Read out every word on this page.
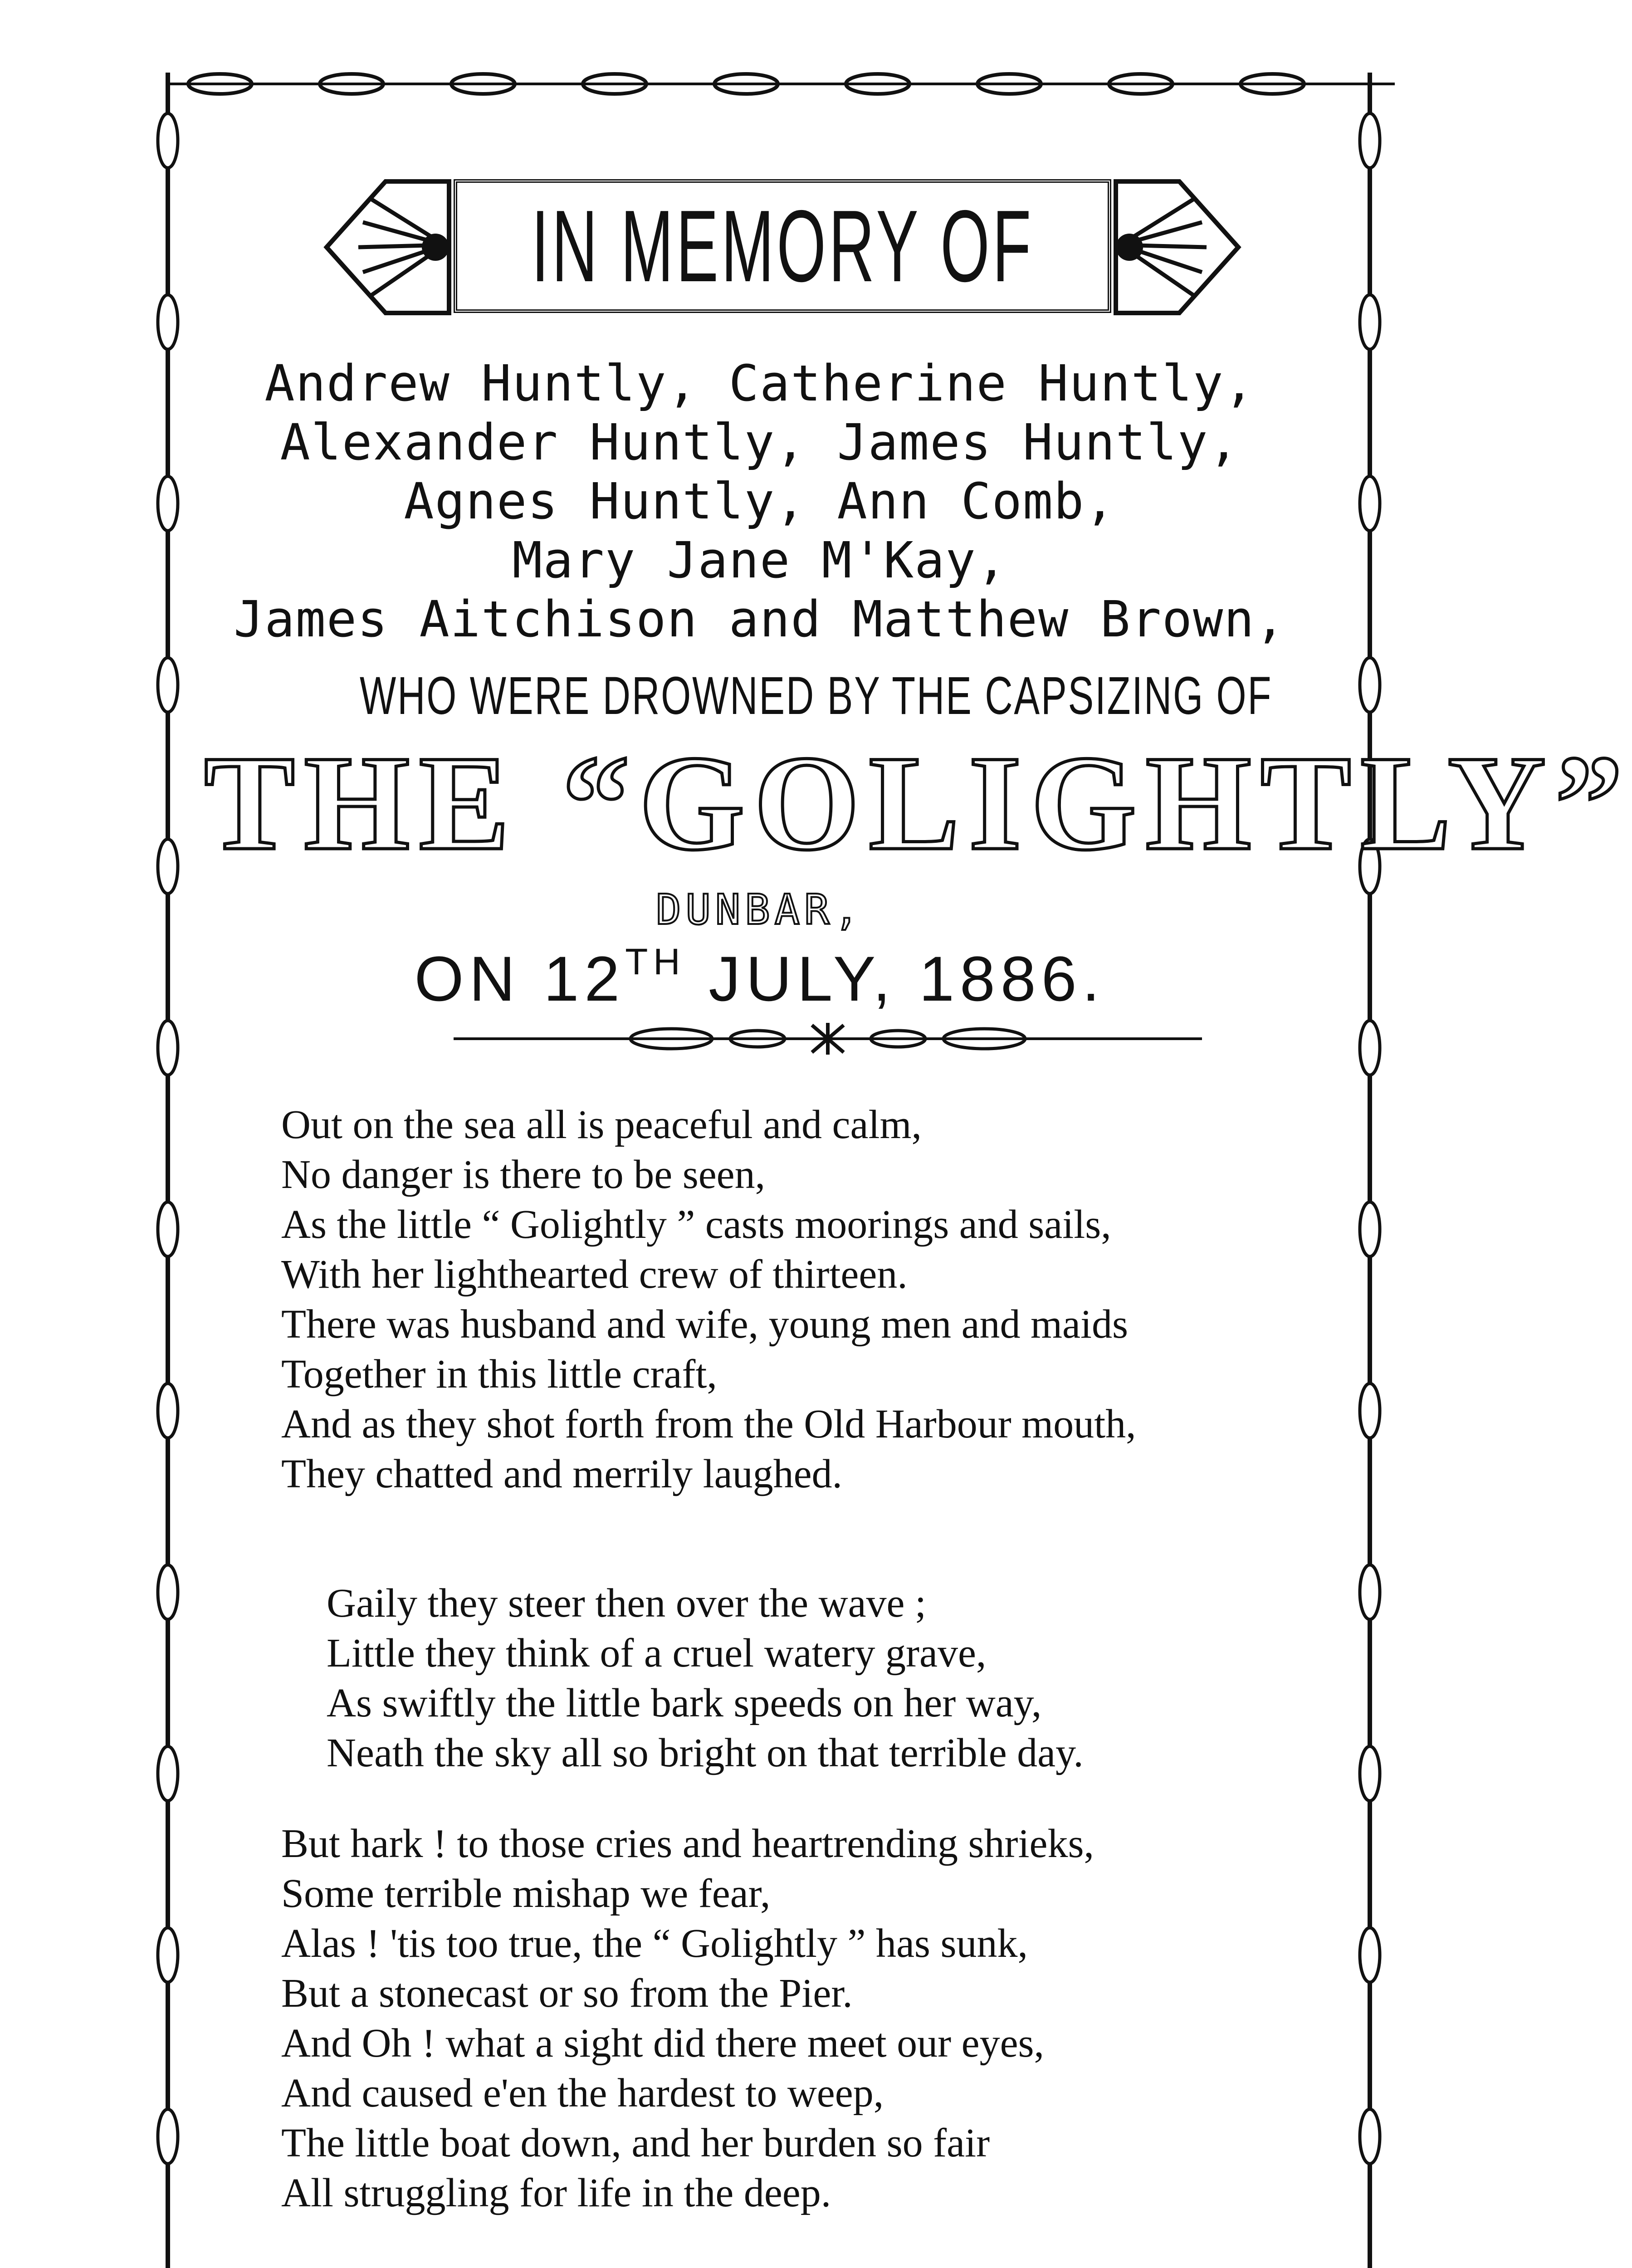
IN MEMORY OF
Andrew Huntly, Catherine Huntly,
Alexander Huntly, James Huntly,
Agnes Huntly, Ann Comb,
Mary Jane M'Kay,
James Aitchison and Matthew Brown,
WHO WERE DROWNED BY THE CAPSIZING OF
THE “GOLIGHTLY”
DUNBAR,
ON 12TH JULY, 1886.
Out on the sea all is peaceful and calm,
No danger is there to be seen,
As the little “ Golightly ” casts moorings and sails,
With her lighthearted crew of thirteen.
There was husband and wife, young men and maids
Together in this little craft,
And as they shot forth from the Old Harbour mouth,
They chatted and merrily laughed.
Gaily they steer then over the wave ;
Little they think of a cruel watery grave,
As swiftly the little bark speeds on her way,
Neath the sky all so bright on that terrible day.
But hark ! to those cries and heartrending shrieks,
Some terrible mishap we fear,
Alas ! 'tis too true, the “ Golightly ” has sunk,
But a stonecast or so from the Pier.
And Oh ! what a sight did there meet our eyes,
And caused e'en the hardest to weep,
The little boat down, and her burden so fair
All struggling for life in the deep.
